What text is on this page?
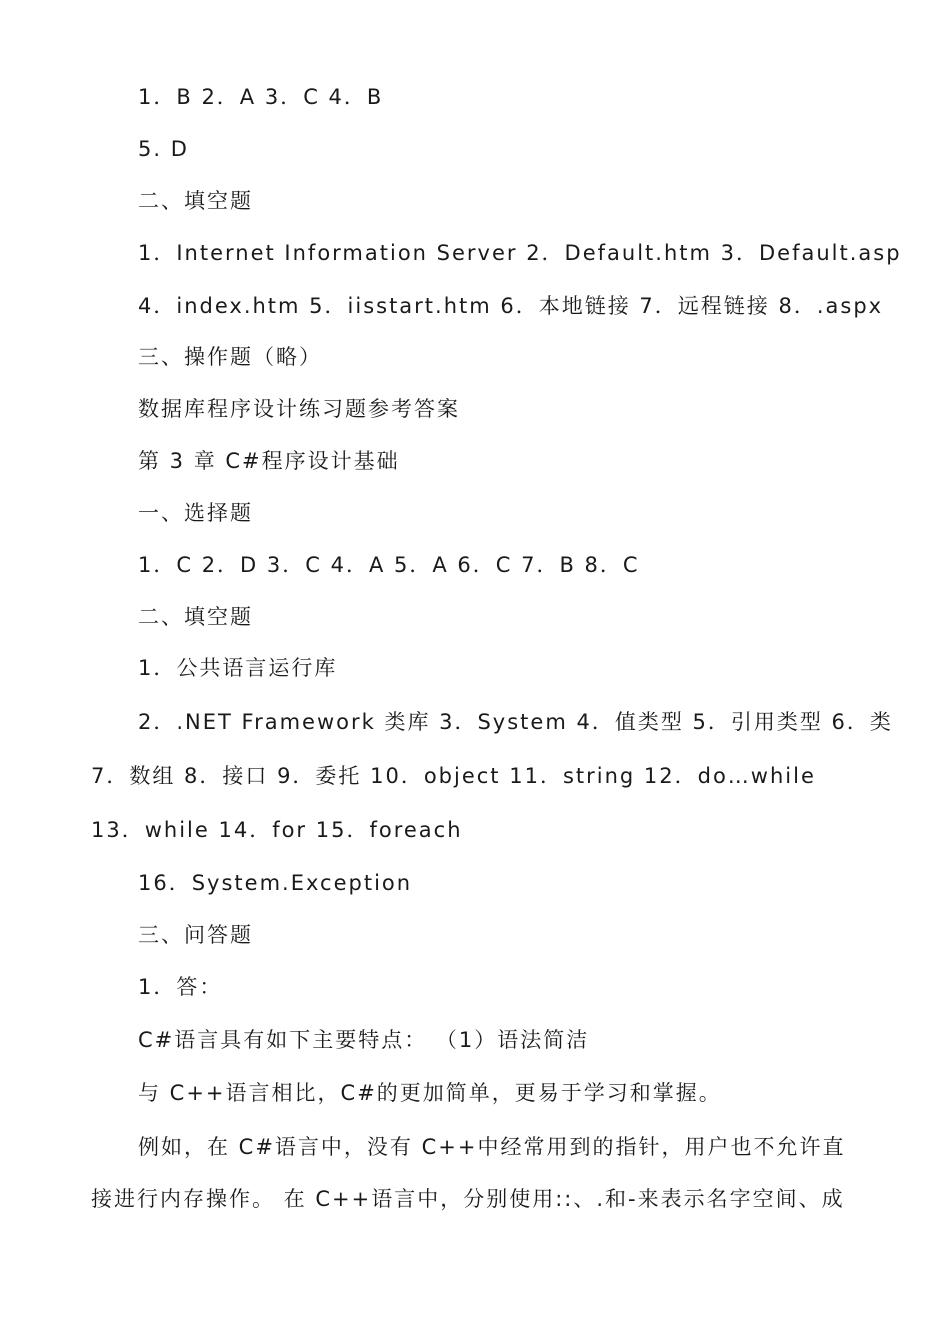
1．B 2．A 3．C 4．B
5. D
二、填空题
1．Internet Information Server 2．Default.htm 3．Default.asp
4．index.htm 5．iisstart.htm 6．本地链接 7．远程链接 8．.aspx
三、操作题（略）
数据库程序设计练习题参考答案
第 3 章 C#程序设计基础
一、选择题
1．C 2．D 3．C 4．A 5．A 6．C 7．B 8．C
二、填空题
1．公共语言运行库
2．.NET Framework 类库 3．System 4．值类型 5．引用类型 6．类
7．数组 8．接口 9．委托 10．object 11．string 12．do…while
13．while 14．for 15．foreach
16．System.Exception
三、问答题
1．答：
C#语言具有如下主要特点： （1）语法简洁
与 C++语言相比，C#的更加简单，更易于学习和掌握。
例如，在 C#语言中，没有 C++中经常用到的指针，用户也不允许直
接进行内存操作。 在 C++语言中，分别使用::、.和-来表示名字空间、成
